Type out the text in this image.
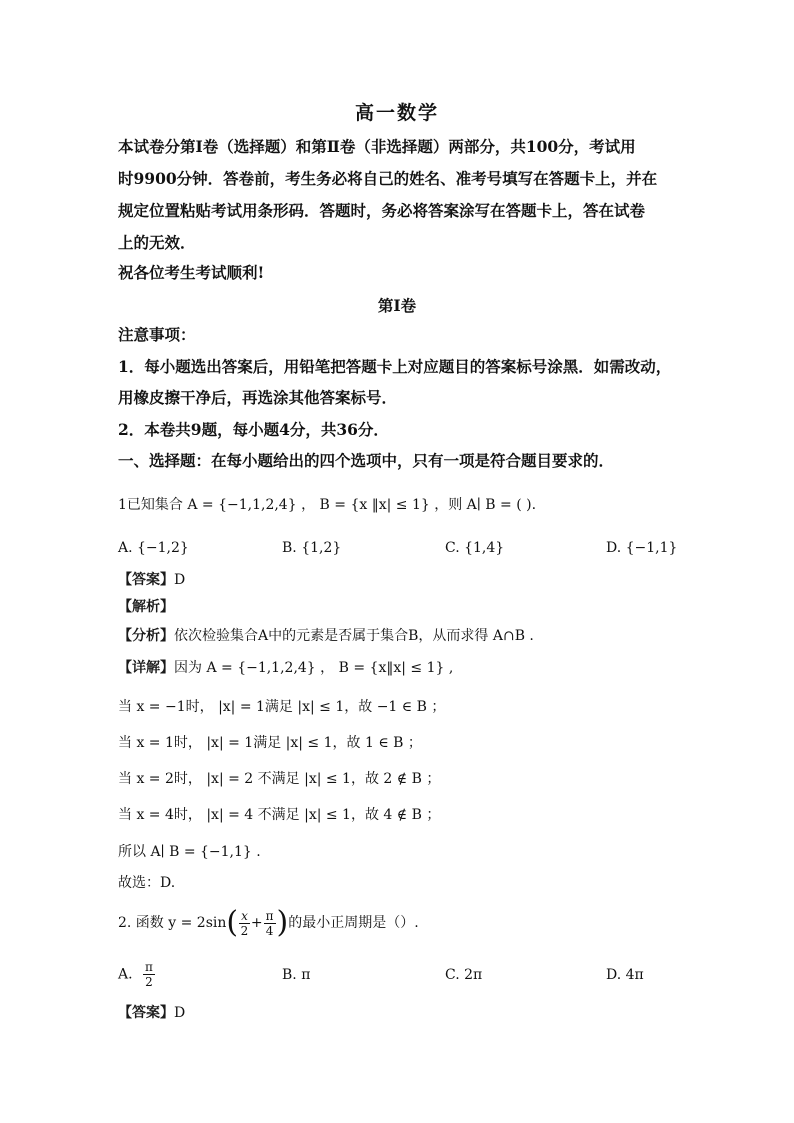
高一数学
本试卷分第Ⅰ卷（选择题）和第Ⅱ卷（非选择题）两部分，共100分，考试用
时9900分钟．答卷前，考生务必将自己的姓名、准考号填写在答题卡上，并在
规定位置粘贴考试用条形码．答题时，务必将答案涂写在答题卡上，答在试卷
上的无效．
祝各位考生考试顺利!
第Ⅰ卷
注意事项：
1．每小题选出答案后，用铅笔把答题卡上对应题目的答案标号涂黑．如需改动，
用橡皮擦干净后，再选涂其他答案标号．
2．本卷共9题，每小题4分，共36分．
一、选择题：在每小题给出的四个选项中，只有一项是符合题目要求的．
1已知集合 A = {−1,1,2,4} ， B = {x ‖x| ≤ 1} ，则 A∣ B = ( ).
A. {−1,2}	B. {1,2}	C. {1,4}	D. {−1,1}
【答案】D
【解析】
【分析】依次检验集合A中的元素是否属于集合B，从而求得 A∩B .
【详解】因为 A = {−1,1,2,4} ， B = {x‖x| ≤ 1} ,
当 x = −1时， |x| = 1满足 |x| ≤ 1，故 −1 ∈ B ；
当 x = 1时， |x| = 1满足 |x| ≤ 1，故 1 ∈ B ；
当 x = 2时， |x| = 2 不满足 |x| ≤ 1，故 2 ∉ B ；
当 x = 4时， |x| = 4 不满足 |x| ≤ 1，故 4 ∉ B ；
所以 A∣ B = {−1,1} .
故选：D.
2. 函数 $y = 2\sin( \frac{x}{2} + \frac{\pi}{4}$ )的最小正周期是（）.
A. $\frac{\pi}{2}$	B. π	C. 2π	D. 4π
【答案】D
